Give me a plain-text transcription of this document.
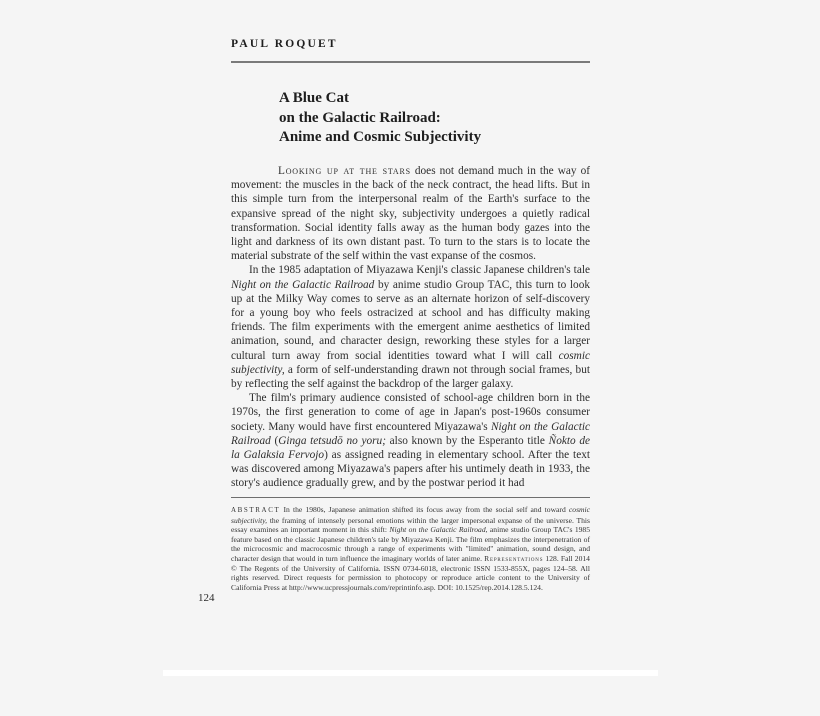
PAUL ROQUET
A Blue Cat
on the Galactic Railroad:
Anime and Cosmic Subjectivity

Looking up at the stars does not demand much in the way of movement: the muscles in the back of the neck contract, the head lifts. But in this simple turn from the interpersonal realm of the Earth's surface to the expansive spread of the night sky, subjectivity undergoes a quietly radical transformation. Social identity falls away as the human body gazes into the light and darkness of its own distant past. To turn to the stars is to locate the material substrate of the self within the vast expanse of the cosmos.

In the 1985 adaptation of Miyazawa Kenji's classic Japanese children's tale Night on the Galactic Railroad by anime studio Group TAC, this turn to look up at the Milky Way comes to serve as an alternate horizon of self-discovery for a young boy who feels ostracized at school and has difficulty making friends. The film experiments with the emergent anime aesthetics of limited animation, sound, and character design, reworking these styles for a larger cultural turn away from social identities toward what I will call cosmic subjectivity, a form of self-understanding drawn not through social frames, but by reflecting the self against the backdrop of the larger galaxy.

The film's primary audience consisted of school-age children born in the 1970s, the first generation to come of age in Japan's post-1960s consumer society. Many would have first encountered Miyazawa's Night on the Galactic Railroad (Ginga tetsudō no yoru; also known by the Esperanto title Ñokto de la Galaksia Fervojo) as assigned reading in elementary school. After the text was discovered among Miyazawa's papers after his untimely death in 1933, the story's audience gradually grew, and by the postwar period it had

ABSTRACT In the 1980s, Japanese animation shifted its focus away from the social self and toward cosmic subjectivity, the framing of intensely personal emotions within the larger impersonal expanse of the universe. This essay examines an important moment in this shift: Night on the Galactic Railroad, anime studio Group TAC's 1985 feature based on the classic Japanese children's tale by Miyazawa Kenji. The film emphasizes the interpenetration of the microcosmic and macrocosmic through a range of experiments with "limited" animation, sound design, and character design that would in turn influence the imaginary worlds of later anime. Representations 128. Fall 2014 © The Regents of the University of California. ISSN 0734-6018, electronic ISSN 1533-855X, pages 124–58. All rights reserved. Direct requests for permission to photocopy or reproduce article content to the University of California Press at http://www.ucpressjournals.com/reprintinfo.asp. DOI: 10.1525/rep.2014.128.5.124.
124
